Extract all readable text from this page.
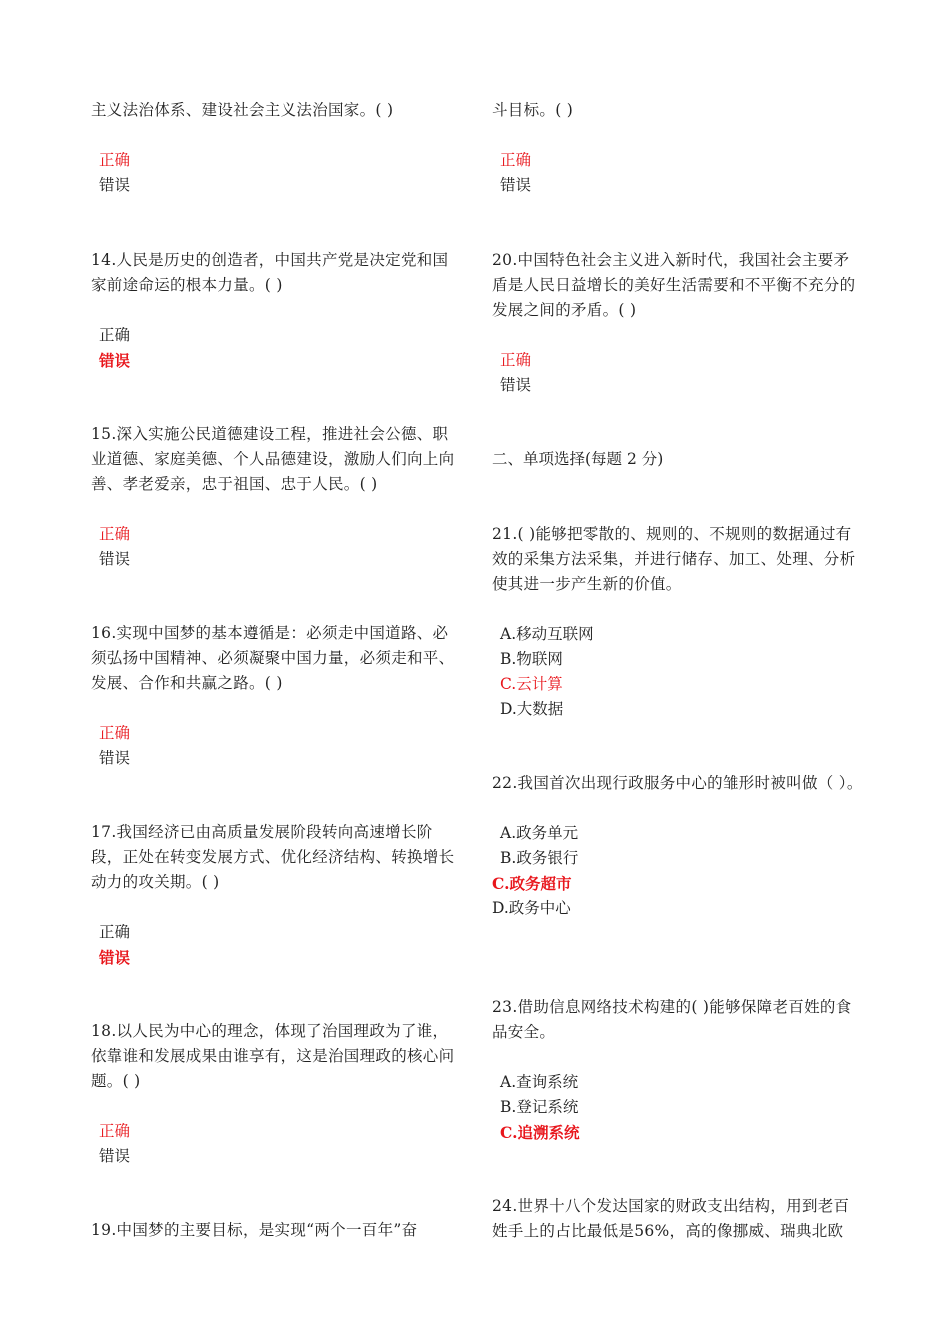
主义法治体系、建设社会主义法治国家。( )

正确

错误

14.人民是历史的创造者，中国共产党是决定党和国家前途命运的根本力量。( )

正确

错误

15.深入实施公民道德建设工程，推进社会公德、职业道德、家庭美德、个人品德建设，激励人们向上向善、孝老爱亲，忠于祖国、忠于人民。( )

正确

错误

16.实现中国梦的基本遵循是：必须走中国道路、必须弘扬中国精神、必须凝聚中国力量，必须走和平、发展、合作和共赢之路。( )

正确

错误

17.我国经济已由高质量发展阶段转向高速增长阶段，正处在转变发展方式、优化经济结构、转换增长动力的攻关期。( )

正确

错误

18.以人民为中心的理念，体现了治国理政为了谁，依靠谁和发展成果由谁享有，这是治国理政的核心问题。( )

正确

错误

19.中国梦的主要目标，是实现“两个一百年”奋

斗目标。( )

正确

错误

20.中国特色社会主义进入新时代，我国社会主要矛盾是人民日益增长的美好生活需要和不平衡不充分的发展之间的矛盾。( )

正确

错误

二、单项选择(每题 2 分)

21.( )能够把零散的、规则的、不规则的数据通过有效的采集方法采集，并进行储存、加工、处理、分析使其进一步产生新的价值。

A.移动互联网

B.物联网

C.云计算

D.大数据

22.我国首次出现行政服务中心的雏形时被叫做（ ）。

A.政务单元

B.政务银行

C.政务超市

D.政务中心

23.借助信息网络技术构建的( )能够保障老百姓的食品安全。

A.查询系统

B.登记系统

C.追溯系统

24.世界十八个发达国家的财政支出结构，用到老百姓手上的占比最低是56%，高的像挪威、瑞典北欧
